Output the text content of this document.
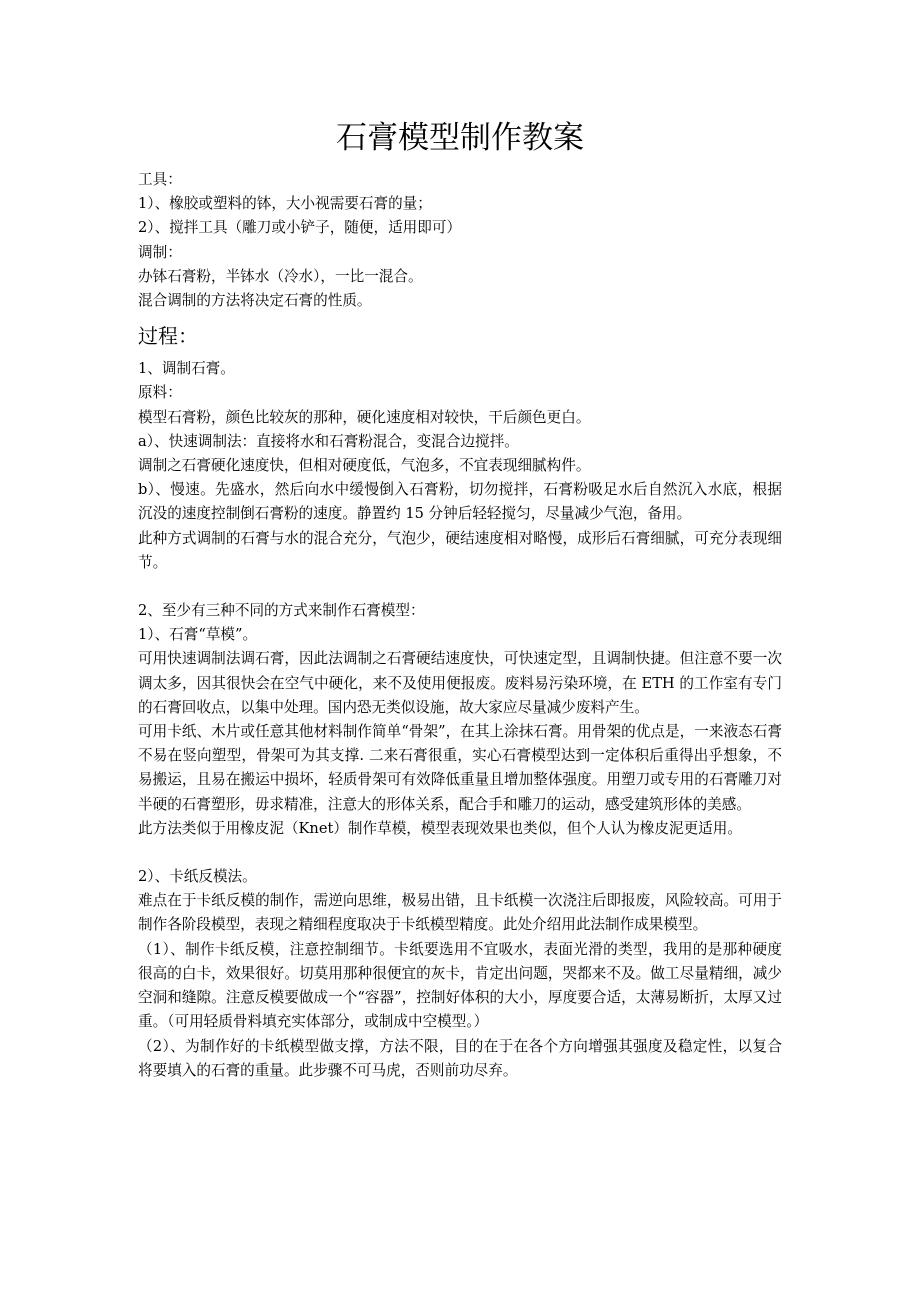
石膏模型制作教案

工具：

1）、橡胶或塑料的钵，大小视需要石膏的量；

2）、搅拌工具（雕刀或小铲子，随便，适用即可）

调制：

办钵石膏粉，半钵水（冷水），一比一混合。

混合调制的方法将决定石膏的性质。

过程：

1、调制石膏。

原料：

模型石膏粉，颜色比较灰的那种，硬化速度相对较快，干后颜色更白。

a）、快速调制法：直接将水和石膏粉混合，变混合边搅拌。

调制之石膏硬化速度快，但相对硬度低，气泡多，不宜表现细腻构件。

b）、慢速。先盛水，然后向水中缓慢倒入石膏粉，切勿搅拌，石膏粉吸足水后自然沉入水底，根据沉没的速度控制倒石膏粉的速度。静置约 15 分钟后轻轻搅匀，尽量减少气泡，备用。

此种方式调制的石膏与水的混合充分，气泡少，硬结速度相对略慢，成形后石膏细腻，可充分表现细节。

2、至少有三种不同的方式来制作石膏模型：

1）、石膏“草模”。

可用快速调制法调石膏，因此法调制之石膏硬结速度快，可快速定型，且调制快捷。但注意不要一次调太多，因其很快会在空气中硬化，来不及使用便报废。废料易污染环境，在 ETH 的工作室有专门的石膏回收点，以集中处理。国内恐无类似设施，故大家应尽量减少废料产生。

可用卡纸、木片或任意其他材料制作简单“骨架”，在其上涂抹石膏。用骨架的优点是，一来液态石膏不易在竖向塑型，骨架可为其支撑. 二来石膏很重，实心石膏模型达到一定体积后重得出乎想象，不易搬运，且易在搬运中损坏，轻质骨架可有效降低重量且增加整体强度。用塑刀或专用的石膏雕刀对半硬的石膏塑形，毋求精准，注意大的形体关系，配合手和雕刀的运动，感受建筑形体的美感。

此方法类似于用橡皮泥（Knet）制作草模，模型表现效果也类似，但个人认为橡皮泥更适用。

2）、卡纸反模法。

难点在于卡纸反模的制作，需逆向思维，极易出错，且卡纸模一次浇注后即报废，风险较高。可用于制作各阶段模型，表现之精细程度取决于卡纸模型精度。此处介绍用此法制作成果模型。

（1）、制作卡纸反模，注意控制细节。卡纸要选用不宜吸水，表面光滑的类型，我用的是那种硬度很高的白卡，效果很好。切莫用那种很便宜的灰卡，肯定出问题，哭都来不及。做工尽量精细，减少空洞和缝隙。注意反模要做成一个“容器”，控制好体积的大小，厚度要合适，太薄易断折，太厚又过重。（可用轻质骨料填充实体部分，或制成中空模型。）

（2）、为制作好的卡纸模型做支撑，方法不限，目的在于在各个方向增强其强度及稳定性，以复合将要填入的石膏的重量。此步骤不可马虎，否则前功尽弃。
